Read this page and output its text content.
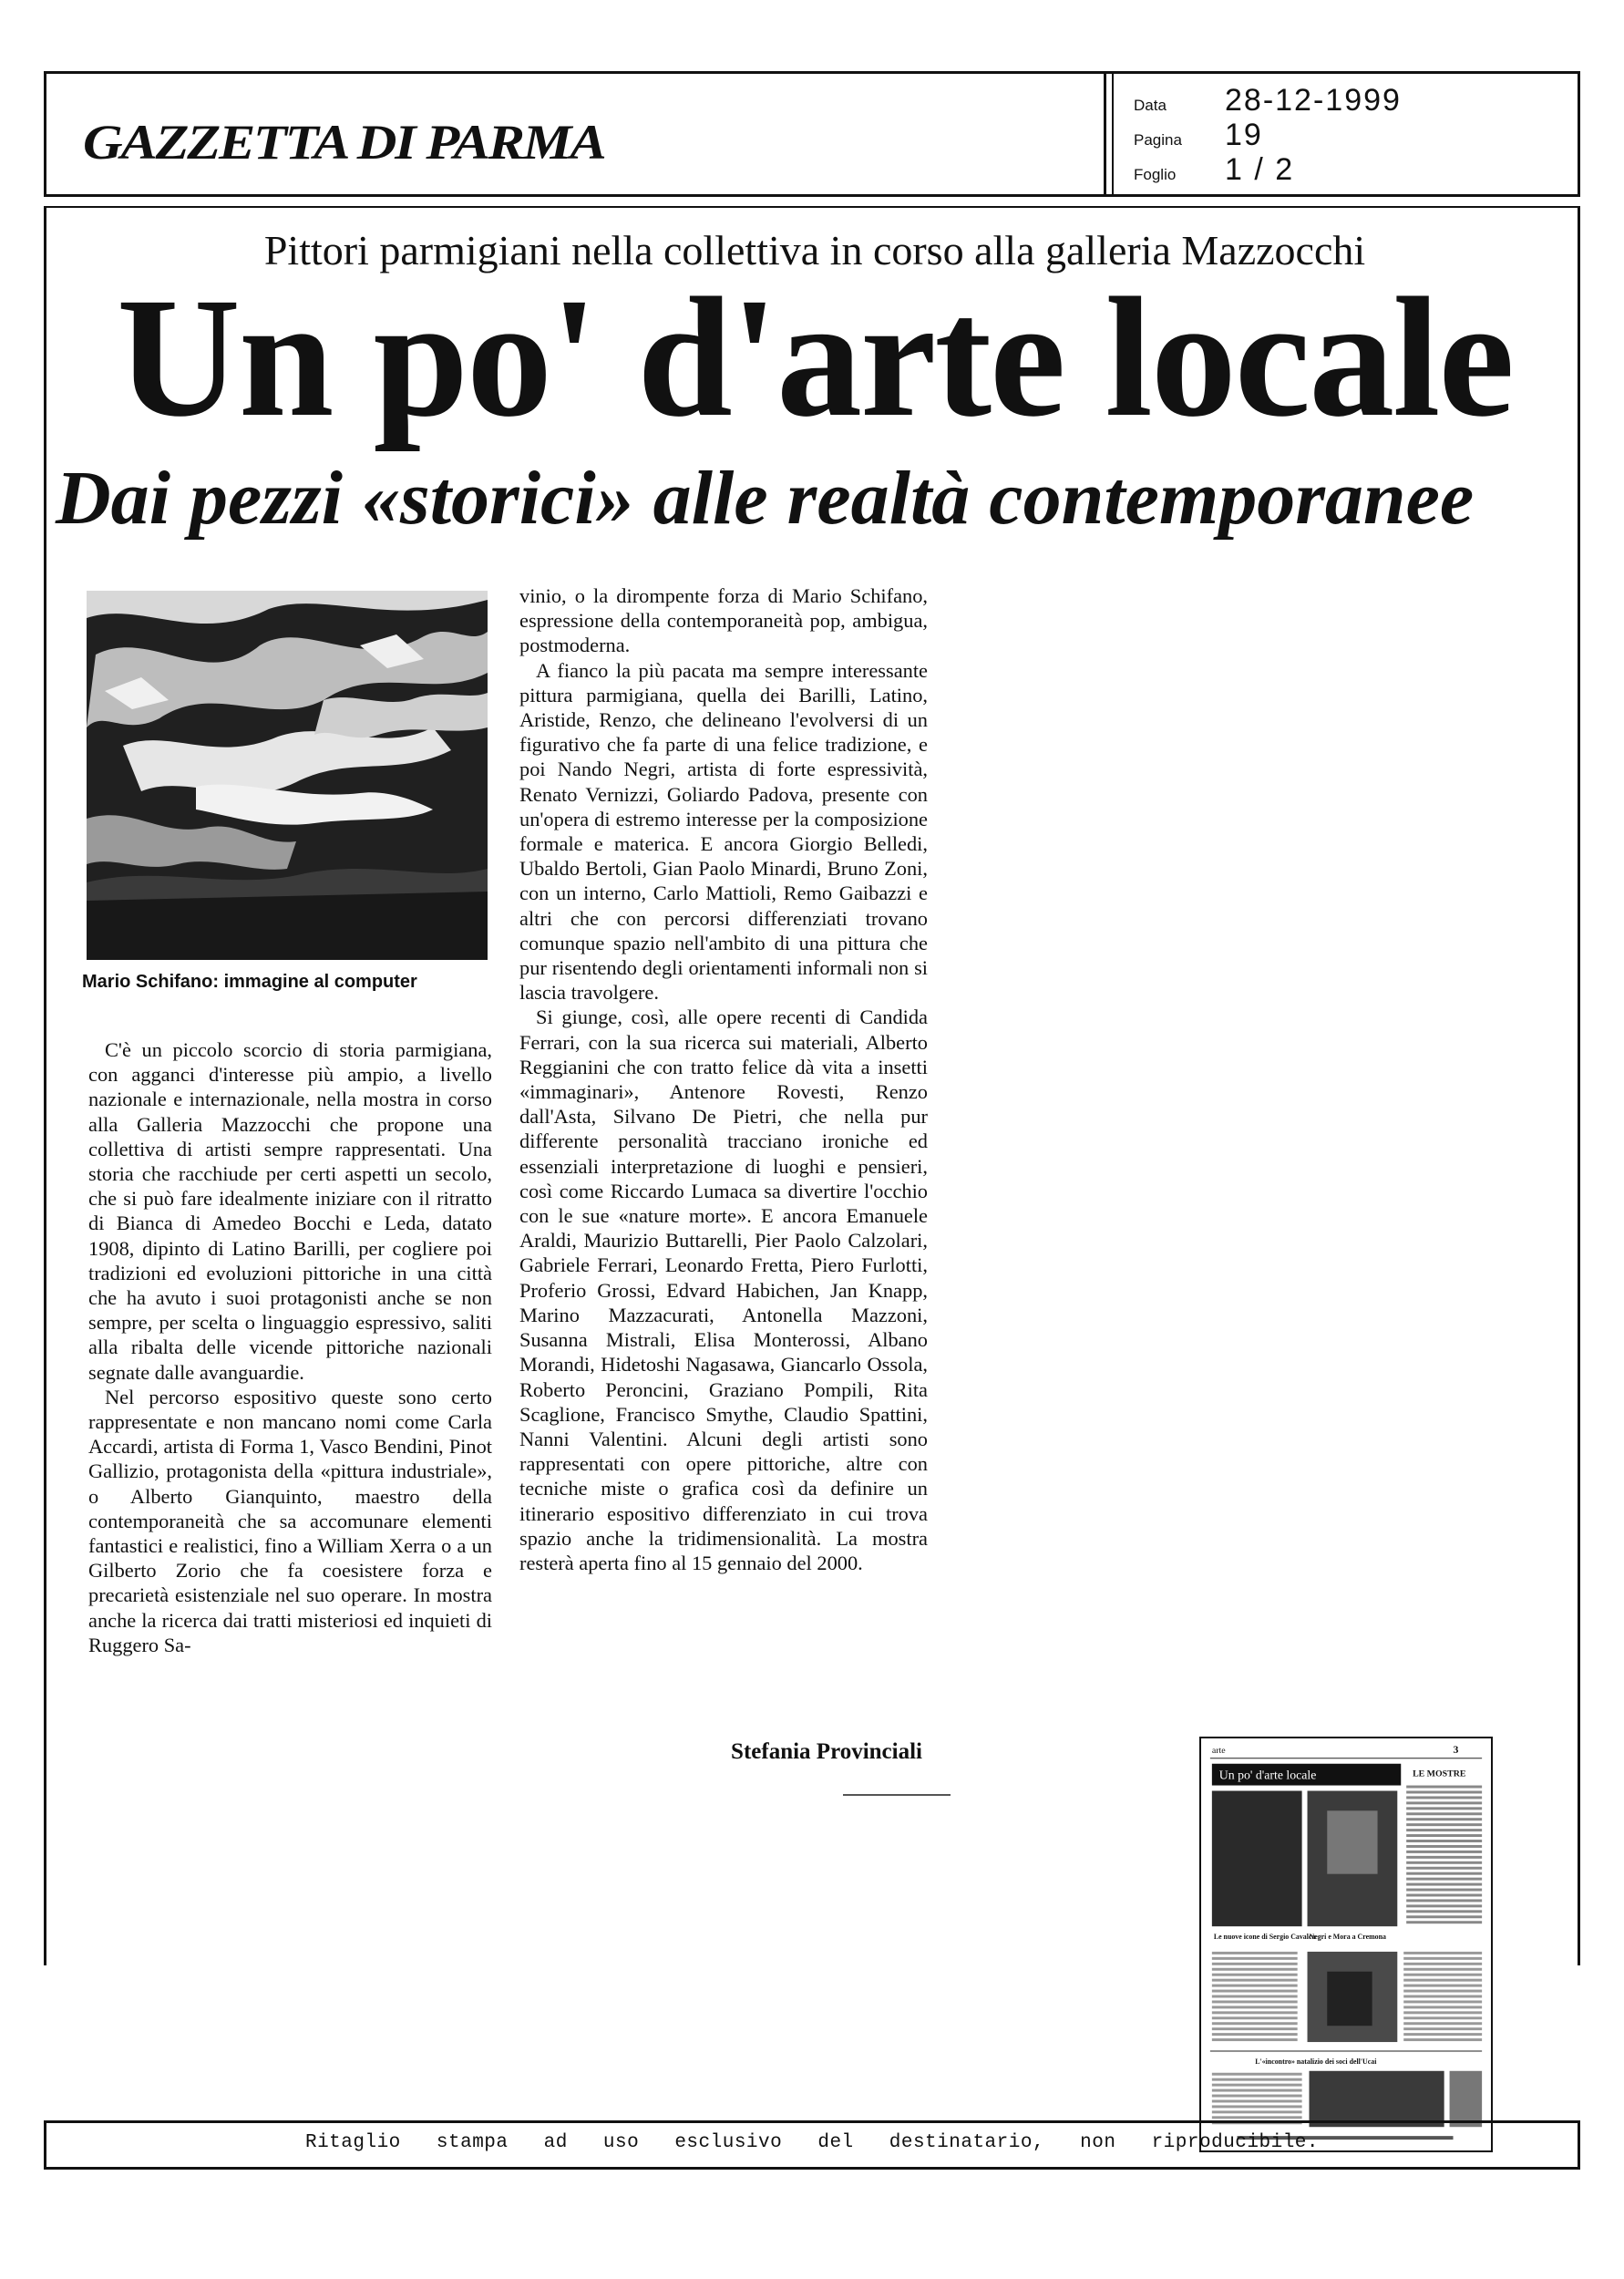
GAZZETTA DI PARMA
Data	28-12-1999
Pagina	19
Foglio	1 / 2
Pittori parmigiani nella collettiva in corso alla galleria Mazzocchi
Un po' d'arte locale
Dai pezzi «storici» alle realtà contemporanee
Mario Schifano: immagine al computer

C'è un piccolo scorcio di storia parmigiana, con agganci d'interesse più ampio, a livello nazionale e internazionale, nella mostra in corso alla Galleria Mazzocchi che propone una collettiva di artisti sempre rappresentati. Una storia che racchiude per certi aspetti un secolo, che si può fare idealmente iniziare con il ritratto di Bianca di Amedeo Bocchi e Leda, datato 1908, dipinto di Latino Barilli, per cogliere poi tradizioni ed evoluzioni pittoriche in una città che ha avuto i suoi protagonisti anche se non sempre, per scelta o linguaggio espressivo, saliti alla ribalta delle vicende pittoriche nazionali segnate dalle avanguardie.

Nel percorso espositivo queste sono certo rappresentate e non mancano nomi come Carla Accardi, artista di Forma 1, Vasco Bendini, Pinot Gallizio, protagonista della «pittura industriale», o Alberto Gianquinto, maestro della contemporaneità che sa accomunare elementi fantastici e realistici, fino a William Xerra o a un Gilberto Zorio che fa coesistere forza e precarietà esistenziale nel suo operare. In mostra anche la ricerca dai tratti misteriosi ed inquieti di Ruggero Sa-

vinio, o la dirompente forza di Mario Schifano, espressione della contemporaneità pop, ambigua, postmoderna.

A fianco la più pacata ma sempre interessante pittura parmigiana, quella dei Barilli, Latino, Aristide, Renzo, che delineano l'evolversi di un figurativo che fa parte di una felice tradizione, e poi Nando Negri, artista di forte espressività, Renato Vernizzi, Goliardo Padova, presente con un'opera di estremo interesse per la composizione formale e materica. E ancora Giorgio Belledi, Ubaldo Bertoli, Gian Paolo Minardi, Bruno Zoni, con un interno, Carlo Mattioli, Remo Gaibazzi e altri che con percorsi differenziati trovano comunque spazio nell'ambito di una pittura che pur risentendo degli orientamenti informali non si lascia travolgere.

Si giunge, così, alle opere recenti di Candida Ferrari, con la sua ricerca sui materiali, Alberto Reggianini che con tratto felice dà vita a insetti «immaginari», Antenore Rovesti, Renzo dall'Asta, Silvano De Pietri, che nella pur differente personalità tracciano ironiche ed essenziali interpretazione di luoghi e pensieri, così come Riccardo Lumaca sa divertire l'occhio con le sue «nature morte». E ancora Emanuele Araldi, Maurizio Buttarelli, Pier Paolo Calzolari, Gabriele Ferrari, Leonardo Fretta, Piero Furlotti, Proferio Grossi, Edvard Habichen, Jan Knapp, Marino Mazzacurati, Antonella Mazzoni, Susanna Mistrali, Elisa Monterossi, Albano Morandi, Hidetoshi Nagasawa, Giancarlo Ossola, Roberto Peroncini, Graziano Pompili, Rita Scaglione, Francisco Smythe, Claudio Spattini, Nanni Valentini. Alcuni degli artisti sono rappresentati con opere pittoriche, altre con tecniche miste o grafica così da definire un itinerario espositivo differenziato in cui trova spazio anche la tridimensionalità. La mostra resterà aperta fino al 15 gennaio del 2000.

Stefania Provinciali	arte	3
Un po' d'arte locale	LE MOSTRE
Le nuove icone di Sergio Cavalca
Negri e Mora a Cremona
L'«incontro» natalizio dei soci dell'Ucai
Ritaglio stampa ad uso esclusivo del destinatario, non riproducibile.
